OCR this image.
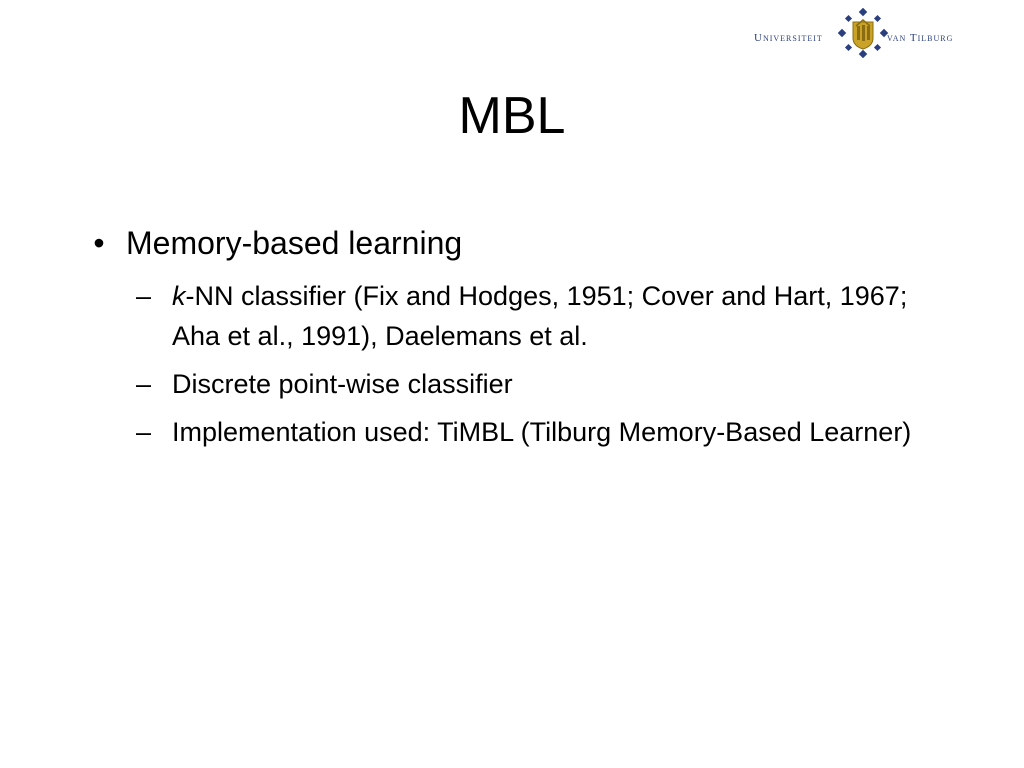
Universiteit	van Tilburg
MBL
• Memory-based learning
– k-NN classifier (Fix and Hodges, 1951; Cover and Hart, 1967; Aha et al., 1991), Daelemans et al.
– Discrete point-wise classifier
– Implementation used: TiMBL (Tilburg Memory-Based Learner)
